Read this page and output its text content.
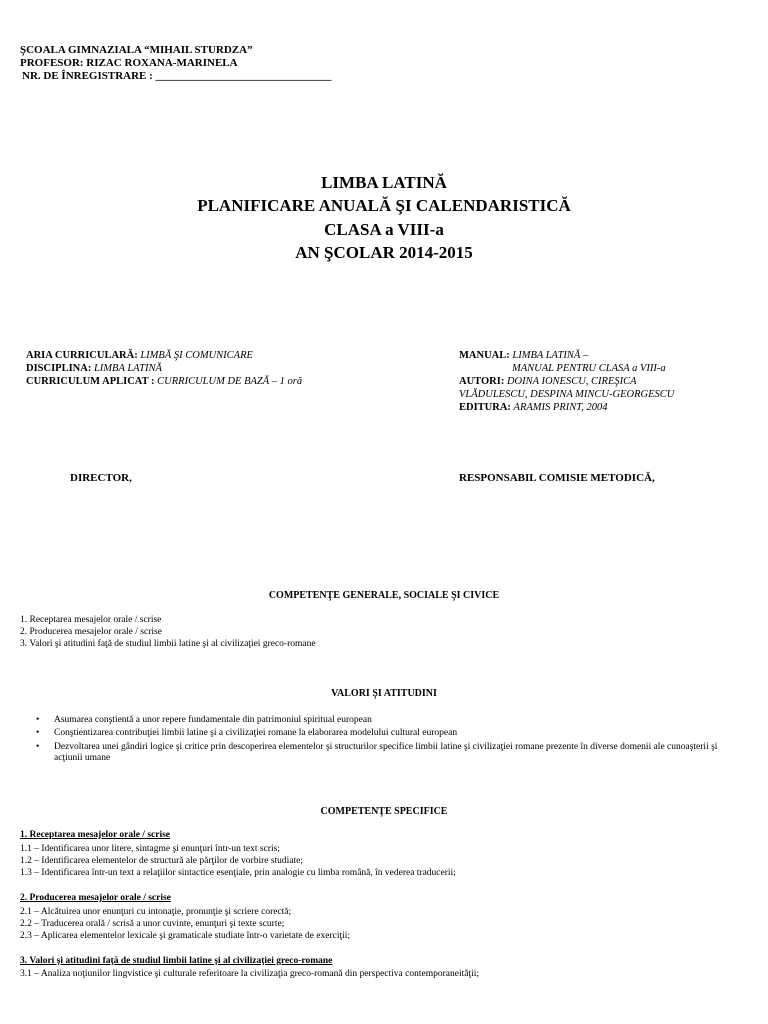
ŞCOALA GIMNAZIALA “MIHAIL STURDZA”
PROFESOR: RIZAC ROXANA-MARINELA
NR. DE ÎNREGISTRARE : ________________________________
LIMBA LATINĂ
PLANIFICARE ANUALĂ ŞI CALENDARISTICĂ
CLASA a VIII-a
AN ŞCOLAR 2014-2015
ARIA CURRICULARĂ: LIMBĂ ŞI COMUNICARE
DISCIPLINA: LIMBA LATINĂ
CURRICULUM APLICAT : CURRICULUM DE BAZĂ – 1 oră
MANUAL: LIMBA LATINĂ –
MANUAL PENTRU CLASA a VIII-a
AUTORI: DOINA IONESCU, CIREŞICA
VLĂDULESCU, DESPINA MINCU-GEORGESCU
EDITURA: ARAMIS PRINT, 2004
DIRECTOR,	RESPONSABIL COMISIE METODICĂ,
COMPETENŢE GENERALE, SOCIALE ŞI CIVICE
1. Receptarea mesajelor orale / scrise
2. Producerea mesajelor orale / scrise
3. Valori şi atitudini faţă de studiul limbii latine şi al civilizaţiei greco-romane
VALORI ŞI ATITUDINI
• Asumarea conştientă a unor repere fundamentale din patrimoniul spiritual european
• Conştientizarea contribuţiei limbii latine şi a civilizaţiei romane la elaborarea modelului cultural european
• Dezvoltarea unei gândiri logice şi critice prin descoperirea elementelor şi structurilor specifice limbii latine şi civilizaţiei romane prezente în diverse domenii ale cunoaşterii şi acţiunii umane
COMPETENŢE SPECIFICE
1. Receptarea mesajelor orale / scrise
1.1 – Identificarea unor litere, sintagme şi enunţuri într-un text scris;
1.2 – Identificarea elementelor de structură ale părţilor de vorbire studiate;
1.3 – Identificarea într-un text a relaţiilor sintactice esenţiale, prin analogie cu limba română, în vederea traducerii;
2. Producerea mesajelor orale / scrise
2.1 – Alcătuirea unor enunţuri cu intonaţie, pronunţie şi scriere corectă;
2.2 – Traducerea orală / scrisă a unor cuvinte, enunţuri şi texte scurte;
2.3 – Aplicarea elementelor lexicale şi gramaticale studiate într-o varietate de exerciţii;
3. Valori şi atitudini faţă de studiul limbii latine şi al civilizaţiei greco-romane
3.1 – Analiza noţiunilor lingvistice şi culturale referitoare la civilizaţia greco-romană din perspectiva contemporaneităţii;
